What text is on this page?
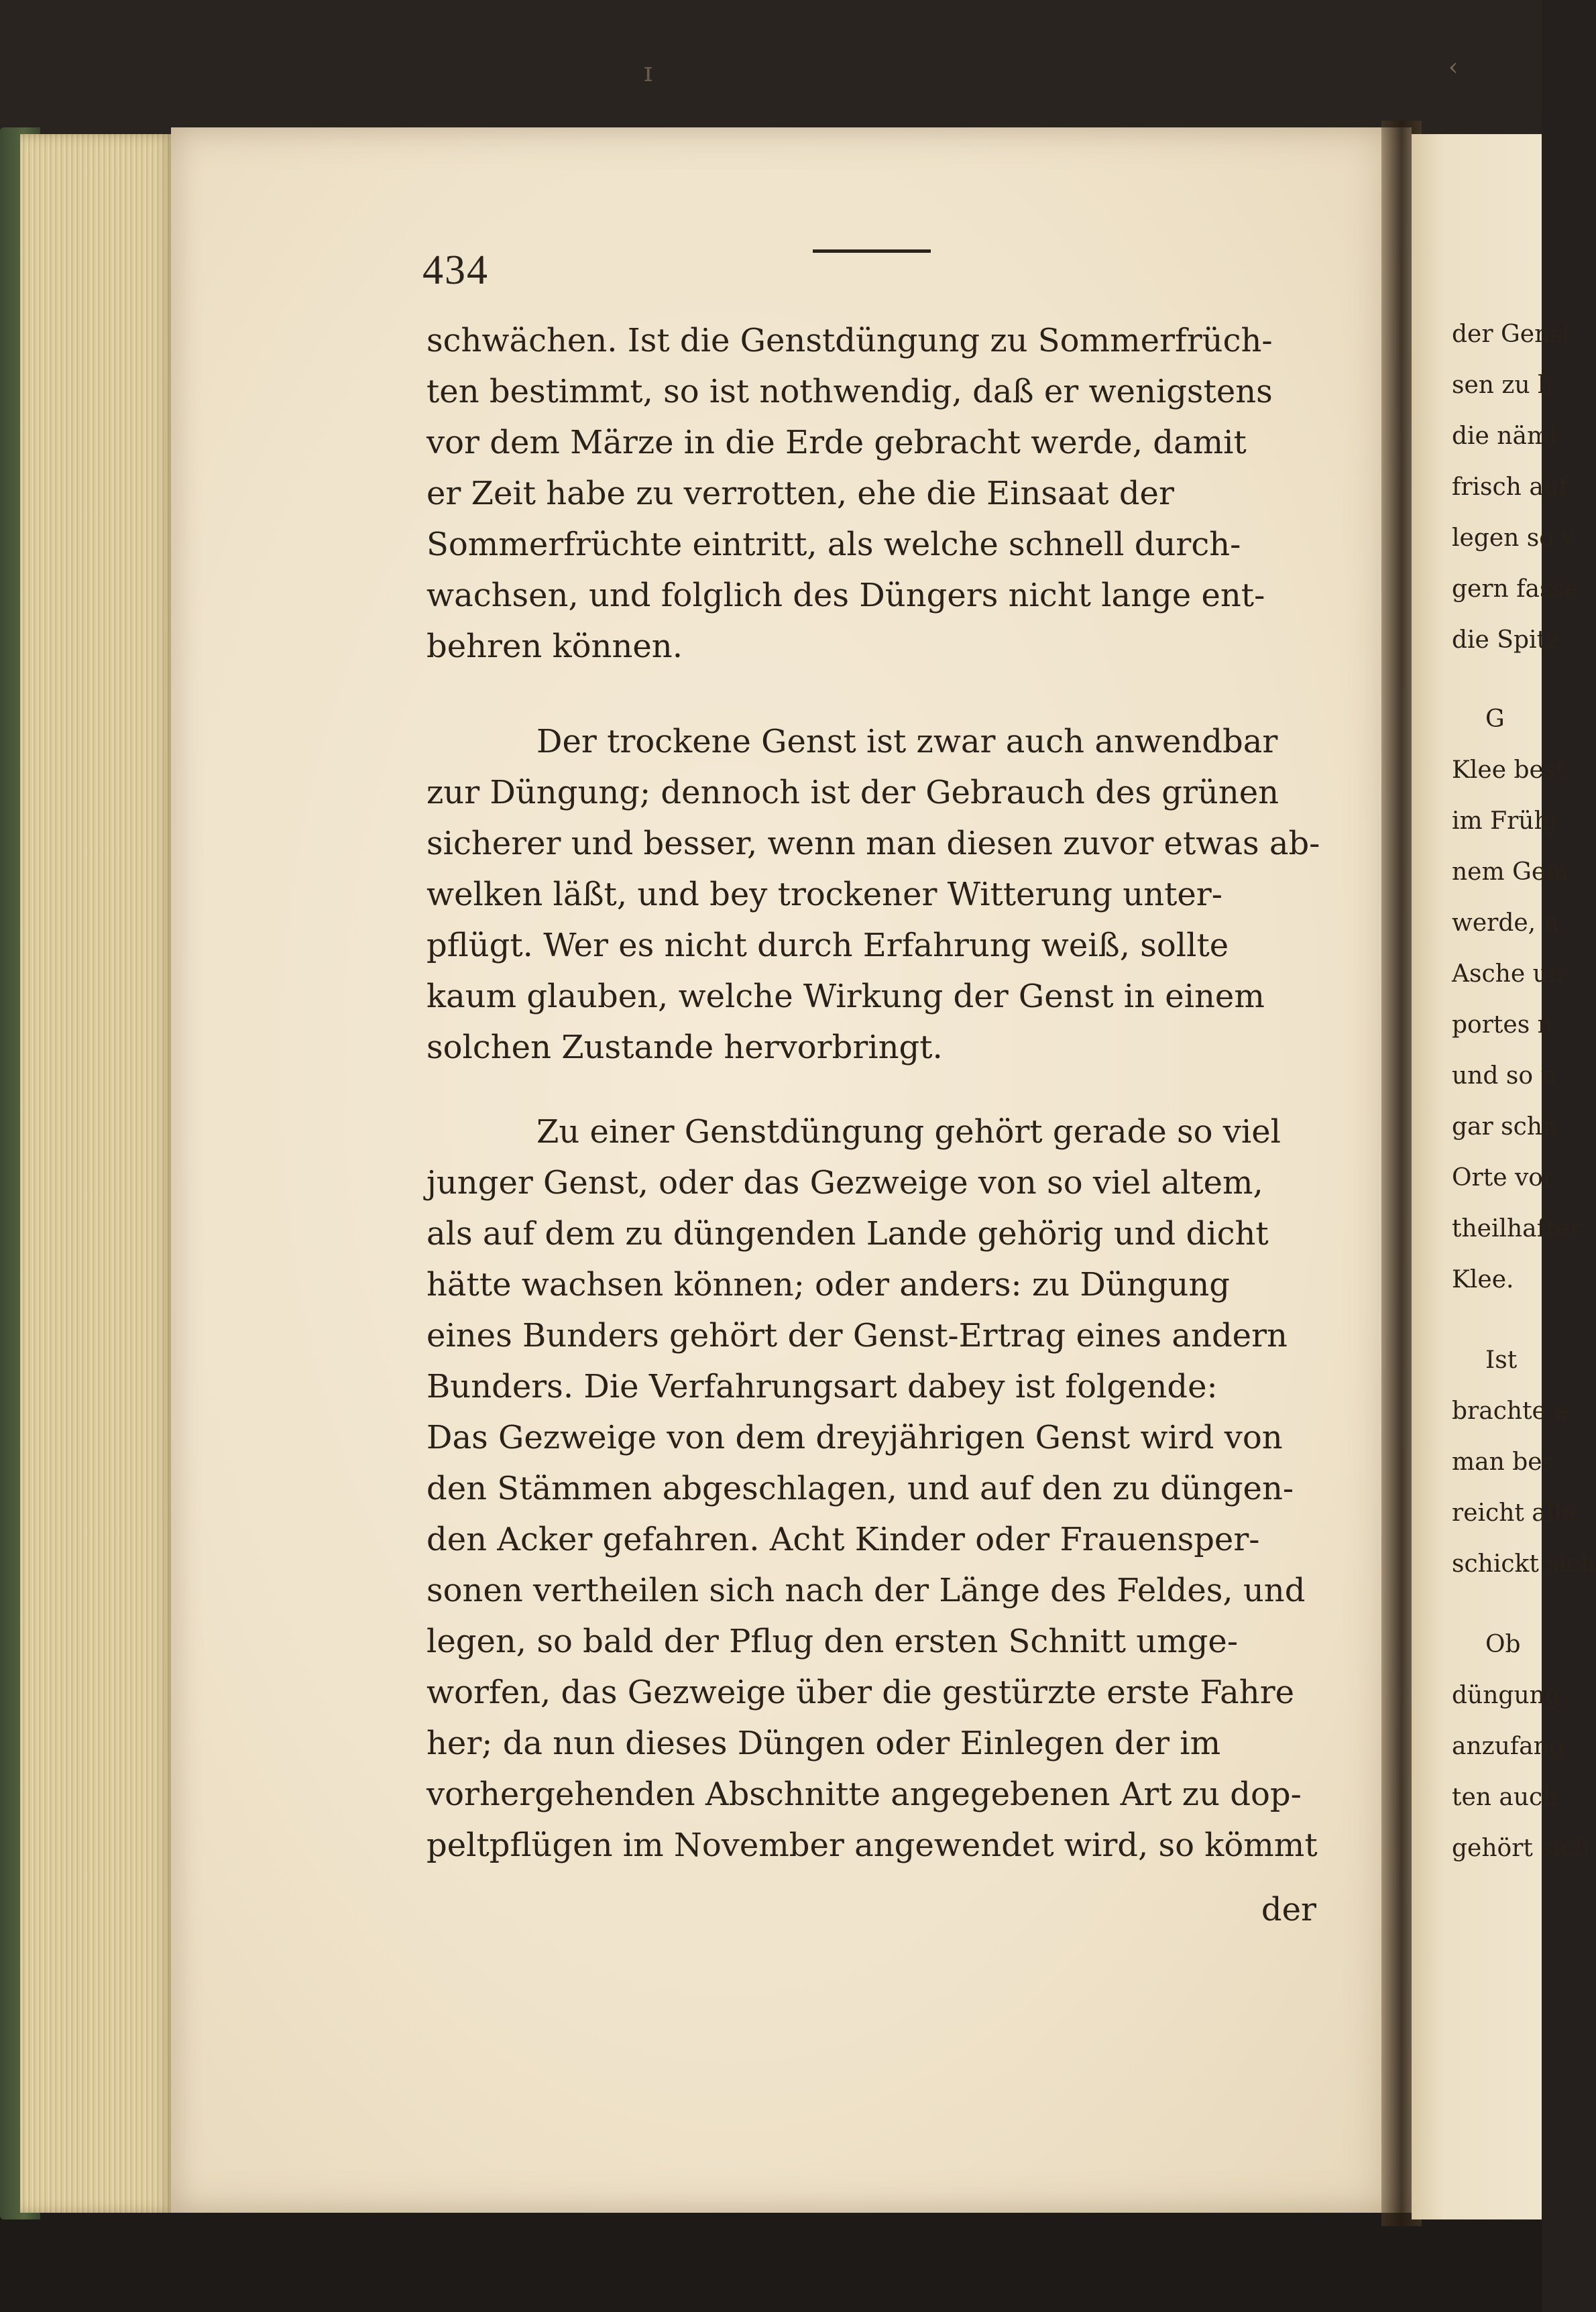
der Genst

sen zu li

die näml

frisch auf

legen so v

gern fasse

die Spitz

G

Klee best

im Frühj

nem Gem

werde, n

Asche un

portes n

und so n

gar schn

Orte vor

theilhafter

Klee.

Ist

brachte e

man bes

reicht alle

schickt sich

Ob

düngung

anzufang

ten auch

gehört sich

ɪ	‹

434

schwächen. Ist die Genstdüngung zu Sommerfrüch-

ten bestimmt, so ist nothwendig, daß er wenigstens

vor dem Märze in die Erde gebracht werde, damit

er Zeit habe zu verrotten, ehe die Einsaat der

Sommerfrüchte eintritt, als welche schnell durch-

wachsen, und folglich des Düngers nicht lange ent-

behren können.

Der trockene Genst ist zwar auch anwendbar

zur Düngung; dennoch ist der Gebrauch des grünen

sicherer und besser, wenn man diesen zuvor etwas ab-

welken läßt, und bey trockener Witterung unter-

pflügt. Wer es nicht durch Erfahrung weiß, sollte

kaum glauben, welche Wirkung der Genst in einem

solchen Zustande hervorbringt.

Zu einer Genstdüngung gehört gerade so viel

junger Genst, oder das Gezweige von so viel altem,

als auf dem zu düngenden Lande gehörig und dicht

hätte wachsen können; oder anders: zu Düngung

eines Bunders gehört der Genst-Ertrag eines andern

Bunders. Die Verfahrungsart dabey ist folgende:

Das Gezweige von dem dreyjährigen Genst wird von

den Stämmen abgeschlagen, und auf den zu düngen-

den Acker gefahren. Acht Kinder oder Frauensper-

sonen vertheilen sich nach der Länge des Feldes, und

legen, so bald der Pflug den ersten Schnitt umge-

worfen, das Gezweige über die gestürzte erste Fahre

her; da nun dieses Düngen oder Einlegen der im

vorhergehenden Abschnitte angegebenen Art zu dop-

peltpflügen im November angewendet wird, so kömmt

der
